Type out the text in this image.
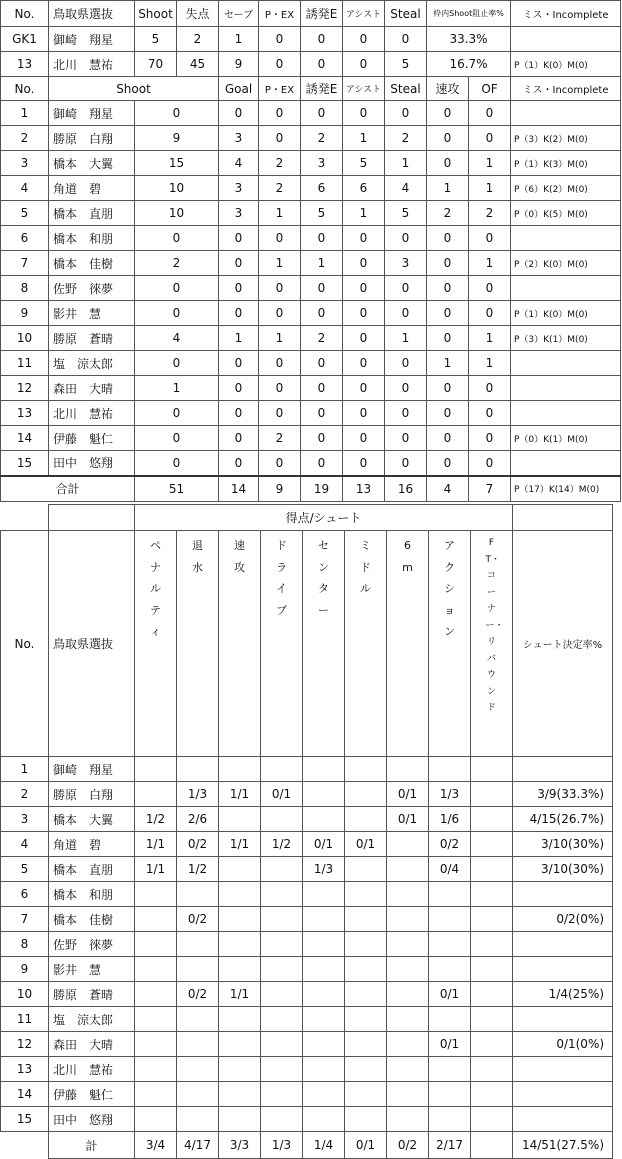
No.	鳥取県選抜	Shoot	失点	セーブ	P・EX	誘発E	アシスト	Steal	枠内Shoot阻止率%		ミス・Incomplete
GK1	御崎　翔星	5	2	1	0	0	0	0	33.3%		
13	北川　慧祐	70	45	9	0	0	0	5	16.7%		P（1）K(0）M(0)
No.	Shoot			Goal	P・EX	誘発E	アシスト	Steal	速攻	OF	ミス・Incomplete
1	御崎　翔星	0		0	0	0	0	0	0	0	
2	勝原　白翔	9		3	0	2	1	2	0	0	P（3）K(2）M(0)
3	橋本　大翼	15		4	2	3	5	1	0	1	P（1）K(3）M(0)
4	角道　碧	10		3	2	6	6	4	1	1	P（6）K(2）M(0)
5	橋本　直朋	10		3	1	5	1	5	2	2	P（0）K(5）M(0)
6	橋本　和朋	0		0	0	0	0	0	0	0	
7	橋本　佳樹	2		0	1	1	0	3	0	1	P（2）K(0）M(0)
8	佐野　徠夢	0		0	0	0	0	0	0	0	
9	影井　慧	0		0	0	0	0	0	0	0	P（1）K(0）M(0)
10	勝原　蒼晴	4		1	1	2	0	1	0	1	P（3）K(1）M(0)
11	塩　涼太郎	0		0	0	0	0	0	1	1	
12	森田　大晴	1		0	0	0	0	0	0	0	
13	北川　慧祐	0		0	0	0	0	0	0	0	
14	伊藤　魁仁	0		0	2	0	0	0	0	0	P（0）K(1）M(0)
15	田中　悠翔	0		0	0	0	0	0	0	0	
合計		51		14	9	19	13	16	4	7	P（17）K(14）M(0)
		得点/シュート									
No.	鳥取県選抜	ペナルティ	退水	速攻	ドライブ	センター	ミドル	6m	アクション	FT・コーナー・リバウンド	シュート決定率%
1	御崎　翔星										
2	勝原　白翔		1/3	1/1	0/1			0/1	1/3		3/9(33.3%)
3	橋本　大翼	1/2	2/6					0/1	1/6		4/15(26.7%)
4	角道　碧	1/1	0/2	1/1	1/2	0/1	0/1		0/2		3/10(30%)
5	橋本　直朋	1/1	1/2			1/3			0/4		3/10(30%)
6	橋本　和朋										
7	橋本　佳樹		0/2								0/2(0%)
8	佐野　徠夢										
9	影井　慧										
10	勝原　蒼晴		0/2	1/1					0/1		1/4(25%)
11	塩　涼太郎										
12	森田　大晴								0/1		0/1(0%)
13	北川　慧祐										
14	伊藤　魁仁										
15	田中　悠翔										
	計	3/4	4/17	3/3	1/3	1/4	0/1	0/2	2/17		14/51(27.5%)
